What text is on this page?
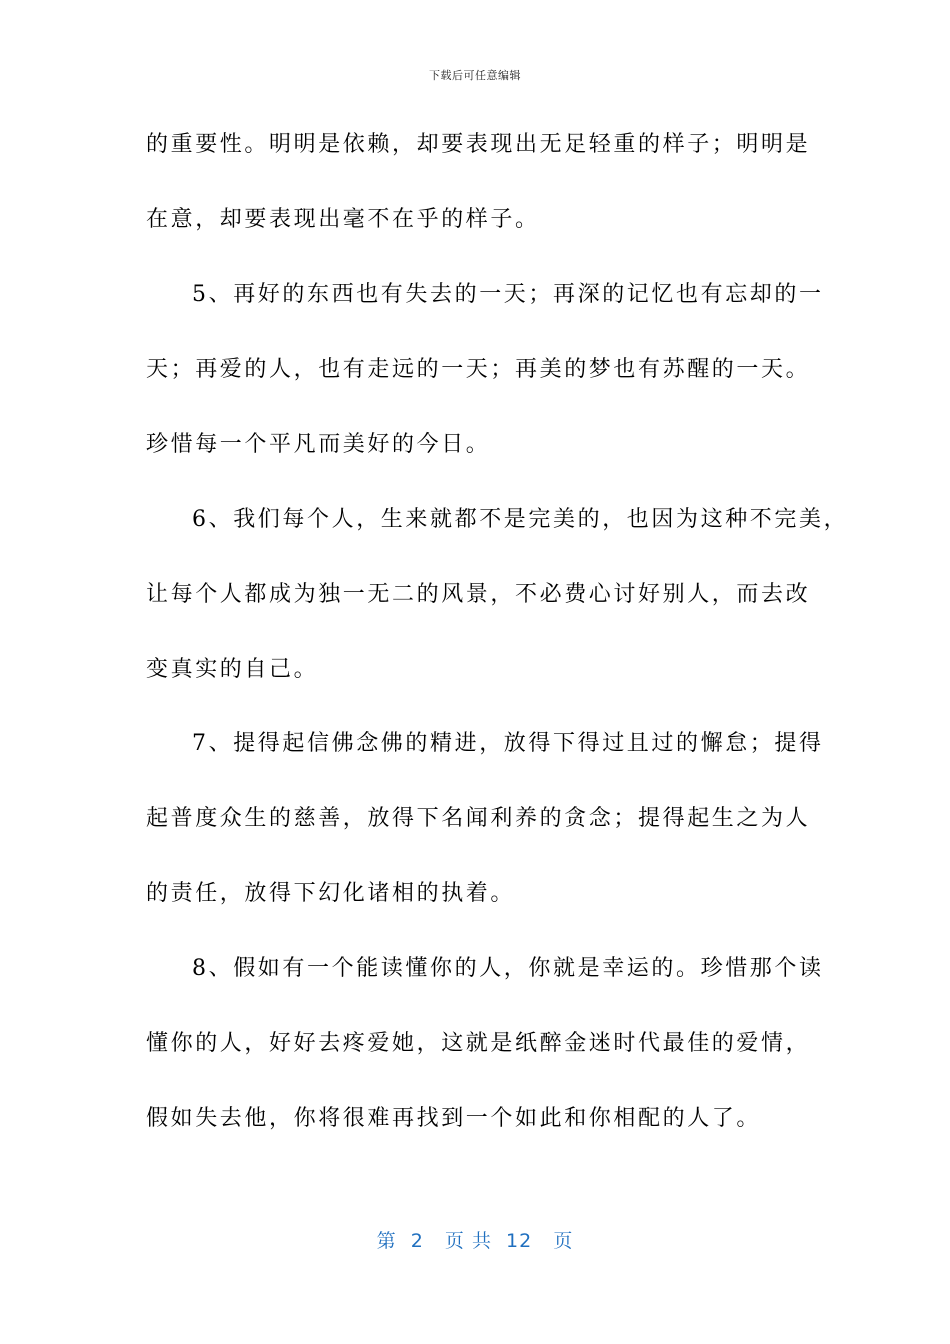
下载后可任意编辑
的重要性。明明是依赖，却要表现出无足轻重的样子；明明是
在意，却要表现出毫不在乎的样子。
5、再好的东西也有失去的一天；再深的记忆也有忘却的一
天；再爱的人，也有走远的一天；再美的梦也有苏醒的一天。
珍惜每一个平凡而美好的今日。
6、我们每个人，生来就都不是完美的，也因为这种不完美，
让每个人都成为独一无二的风景，不必费心讨好别人，而去改
变真实的自己。
7、提得起信佛念佛的精进，放得下得过且过的懈怠；提得
起普度众生的慈善，放得下名闻利养的贪念；提得起生之为人
的责任，放得下幻化诸相的执着。
8、假如有一个能读懂你的人，你就是幸运的。珍惜那个读
懂你的人，好好去疼爱她，这就是纸醉金迷时代最佳的爱情，
假如失去他，你将很难再找到一个如此和你相配的人了。
第  2   页 共  12   页
